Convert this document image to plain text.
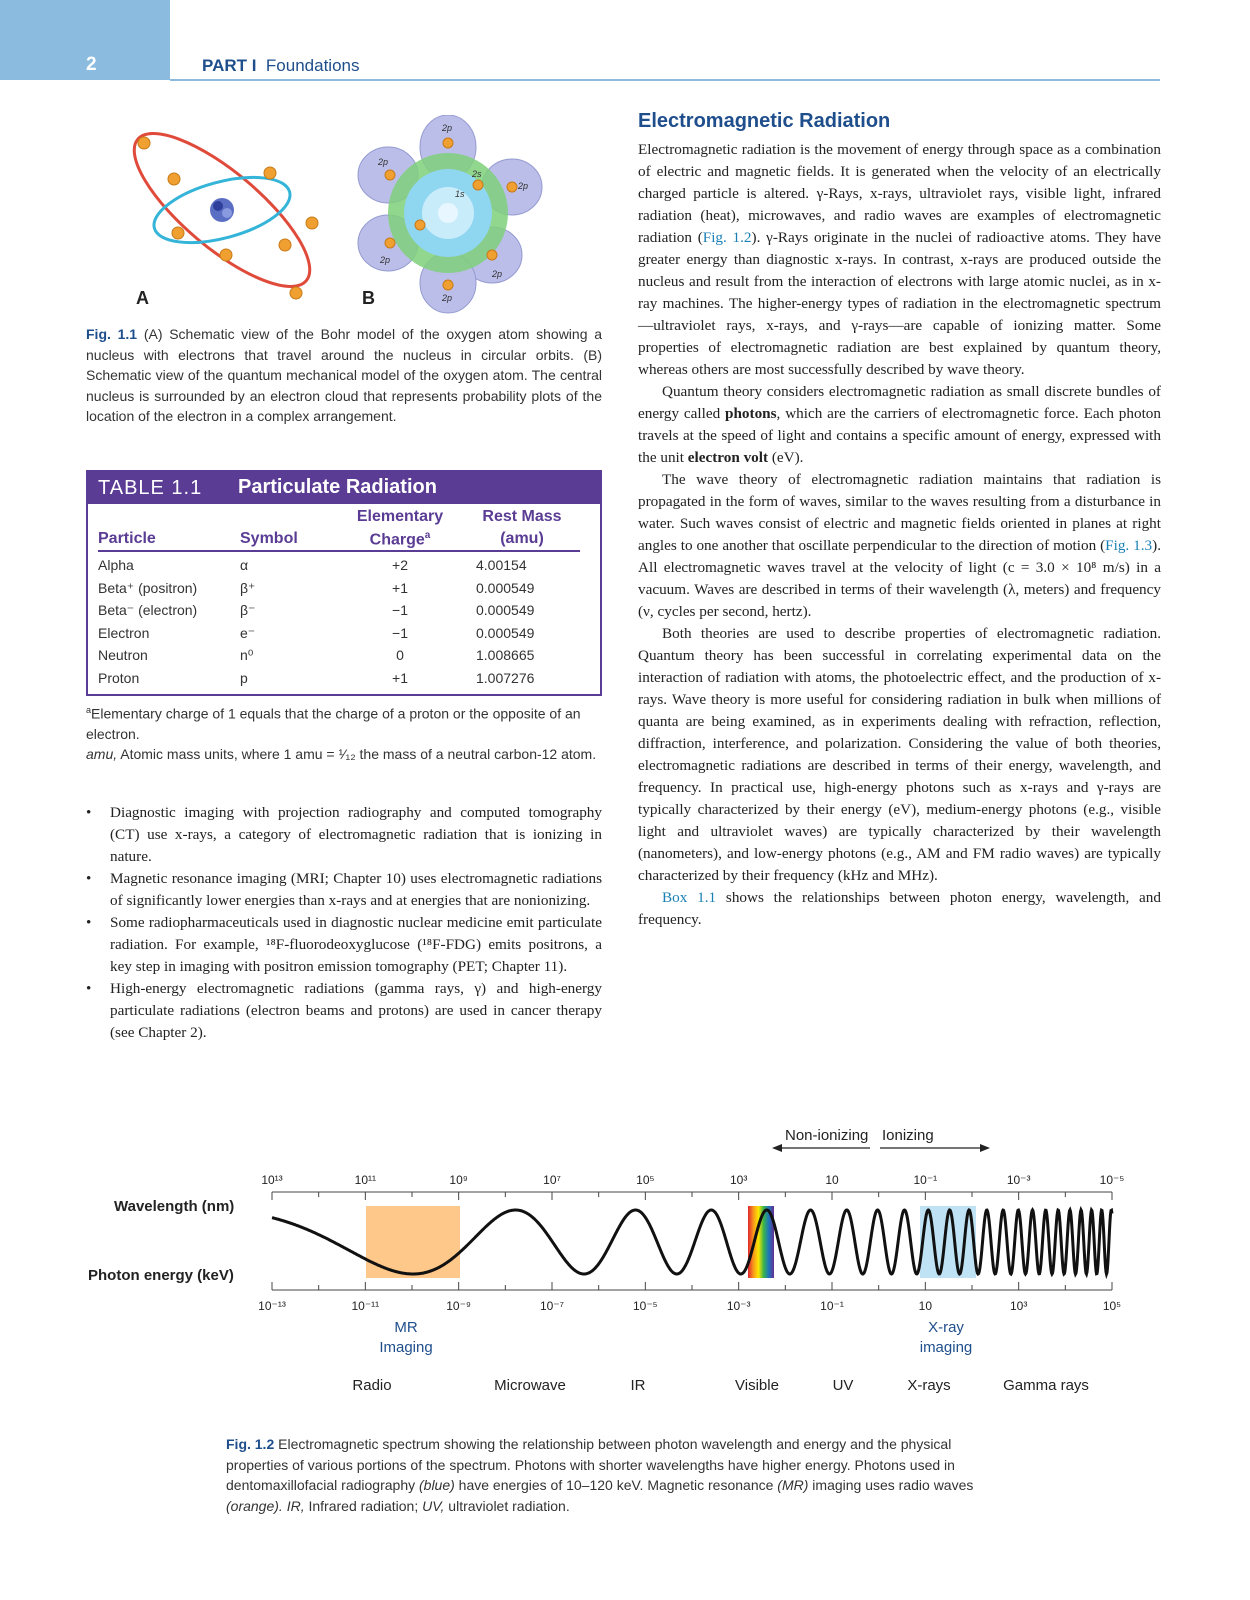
2	PART I Foundations
2p
2p
2s
1s
2p
2p
2p
2p
A	B
Fig. 1.1 (A) Schematic view of the Bohr model of the oxygen atom showing a nucleus with electrons that travel around the nucleus in circular orbits. (B) Schematic view of the quantum mechanical model of the oxygen atom. The central nucleus is surrounded by an electron cloud that represents probability plots of the location of the electron in a complex arrangement.
TABLE 1.1 Particulate Radiation
Elementary
Charge$^a$
Rest Mass
(amu)
Particle	Symbol
Alpha	α	+2	4.00154
Beta⁺ (positron)	β⁺	+1	0.000549
Beta⁻ (electron)	β⁻	−1	0.000549
Electron	e⁻	−1	0.000549
Neutron	n⁰	0	1.008665
Proton	p	+1	1.007276
$^a$Elementary charge of 1 equals that the charge of a proton or the opposite of an electron.
amu, Atomic mass units, where 1 amu = ¹⁄₁₂ the mass of a neutral carbon-12 atom.
• Diagnostic imaging with projection radiography and computed tomography (CT) use x-rays, a category of electromagnetic radiation that is ionizing in nature.
• Magnetic resonance imaging (MRI; Chapter 10) uses electromagnetic radiations of significantly lower energies than x-rays and at energies that are nonionizing.
• Some radiopharmaceuticals used in diagnostic nuclear medicine emit particulate radiation. For example, ¹⁸F-fluorodeoxyglucose (¹⁸F-FDG) emits positrons, a key step in imaging with positron emission tomography (PET; Chapter 11).
• High-energy electromagnetic radiations (gamma rays, γ) and high-energy particulate radiations (electron beams and protons) are used in cancer therapy (see Chapter 2).
Electromagnetic Radiation

Electromagnetic radiation is the movement of energy through space as a combination of electric and magnetic fields. It is generated when the velocity of an electrically charged particle is altered. γ-Rays, x-rays, ultraviolet rays, visible light, infrared radiation (heat), microwaves, and radio waves are examples of electromagnetic radiation (Fig. 1.2). γ-Rays originate in the nuclei of radioactive atoms. They have greater energy than diagnostic x-rays. In contrast, x-rays are produced outside the nucleus and result from the interaction of electrons with large atomic nuclei, as in x-ray machines. The higher-energy types of radiation in the electromagnetic spectrum—ultraviolet rays, x-rays, and γ-rays—are capable of ionizing matter. Some properties of electromagnetic radiation are best explained by quantum theory, whereas others are most successfully described by wave theory.

Quantum theory considers electromagnetic radiation as small discrete bundles of energy called photons, which are the carriers of electromagnetic force. Each photon travels at the speed of light and contains a specific amount of energy, expressed with the unit electron volt (eV).

The wave theory of electromagnetic radiation maintains that radiation is propagated in the form of waves, similar to the waves resulting from a disturbance in water. Such waves consist of electric and magnetic fields oriented in planes at right angles to one another that oscillate perpendicular to the direction of motion (Fig. 1.3). All electromagnetic waves travel at the velocity of light (c = 3.0 × 10⁸ m/s) in a vacuum. Waves are described in terms of their wavelength (λ, meters) and frequency (ν, cycles per second, hertz).

Both theories are used to describe properties of electromagnetic radiation. Quantum theory has been successful in correlating experimental data on the interaction of radiation with atoms, the photoelectric effect, and the production of x-rays. Wave theory is more useful for considering radiation in bulk when millions of quanta are being examined, as in experiments dealing with refraction, reflection, diffraction, interference, and polarization. Considering the value of both theories, electromagnetic radiations are described in terms of their energy, wavelength, and frequency. In practical use, high-energy photons such as x-rays and γ-rays are typically characterized by their energy (eV), medium-energy photons (e.g., visible light and ultraviolet waves) are typically characterized by their wavelength (nanometers), and low-energy photons (e.g., AM and FM radio waves) are typically characterized by their frequency (kHz and MHz).

Box 1.1 shows the relationships between photon energy, wavelength, and frequency.

Non-ionizing Ionizing
Wavelength (nm)
Photon energy (keV)
10¹³	10¹¹	10⁹	10⁷	10⁵	10³	10	10⁻¹	10⁻³	10⁻⁵
10⁻¹³	10⁻¹¹	10⁻⁹	10⁻⁷	10⁻⁵	10⁻³	10⁻¹	10	10³	10⁵
MR
Imaging
X-ray
imaging
Radio	Microwave	IR	Visible	UV	X-rays	Gamma rays
Fig. 1.2 Electromagnetic spectrum showing the relationship between photon wavelength and energy and the physical properties of various portions of the spectrum. Photons with shorter wavelengths have higher energy. Photons used in dentomaxillofacial radiography (blue) have energies of 10–120 keV. Magnetic resonance (MR) imaging uses radio waves (orange). IR, Infrared radiation; UV, ultraviolet radiation.
